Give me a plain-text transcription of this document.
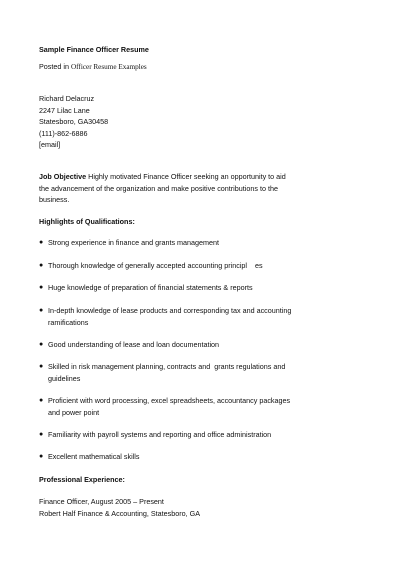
Sample Finance Officer Resume
Posted in Officer Resume Examples
Richard Delacruz
2247 Lilac Lane
Statesboro, GA30458
(111)-862-6886
[email]
Job Objective Highly motivated Finance Officer seeking an opportunity to aid
the advancement of the organization and make positive contributions to the
business.
Highlights of Qualifications:
● Strong experience in finance and grants management
● Thorough knowledge of generally accepted accounting principl    es
● Huge knowledge of preparation of financial statements & reports
● In-depth knowledge of lease products and corresponding tax and accounting
ramifications
● Good understanding of lease and loan documentation
● Skilled in risk management planning, contracts and  grants regulations and
guidelines
● Proficient with word processing, excel spreadsheets, accountancy packages
and power point
● Familiarity with payroll systems and reporting and office administration
● Excellent mathematical skills
Professional Experience:
Finance Officer, August 2005 – Present
Robert Half Finance & Accounting, Statesboro, GA
